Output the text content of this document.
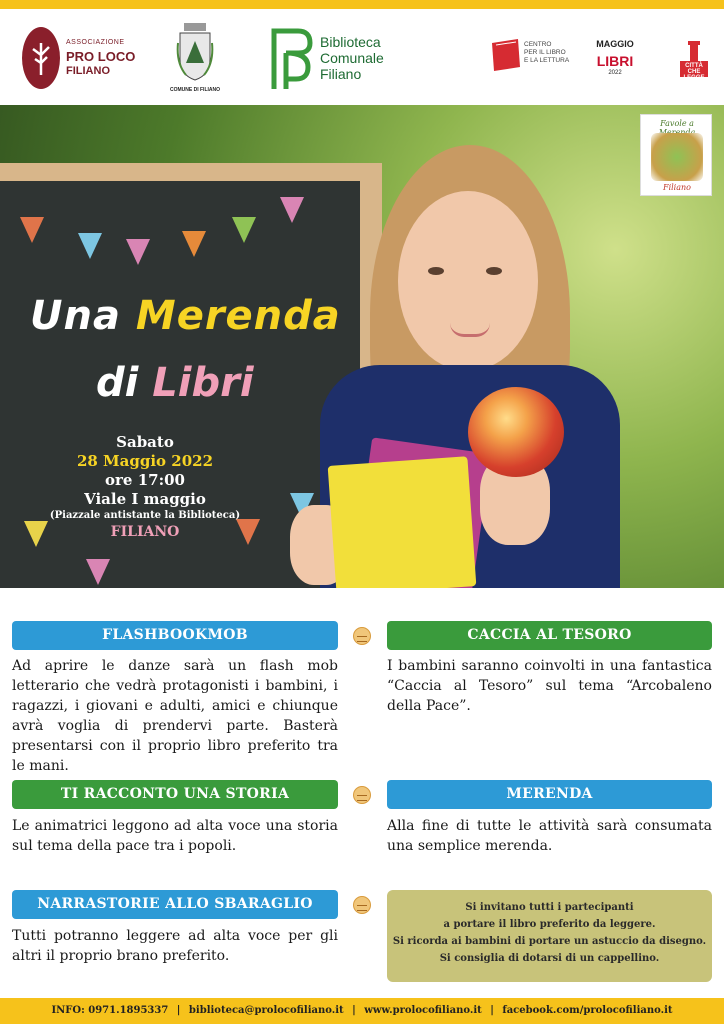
ASSOCIAZIONE
PRO LOCO
FILIANO
COMUNE DI FILIANO
Biblioteca
Comunale
Filiano
CENTRO
PER IL LIBRO
E LA LETTURA
MAGGIO
LIBRI
2022
CITTÀ CHE LEGGE
Favole a
Filiano
Una Merenda
di Libri
Sabato
28 Maggio 2022
ore 17:00
Viale I maggio
(Piazzale antistante la Biblioteca)
FILIANO
FLASHBOOKMOB
Ad aprire le danze sarà un flash mob letterario che vedrà protagonisti i bambini, i ragazzi, i giovani e adulti, amici e chiunque avrà voglia di prendervi parte. Basterà presentarsi con il proprio libro preferito tra le mani.
CACCIA AL TESORO
I bambini saranno coinvolti in una fantastica “Caccia al Tesoro” sul tema “Arcobaleno della Pace”.
TI RACCONTO UNA STORIA
Le animatrici leggono ad alta voce una storia sul tema della pace tra i popoli.
MERENDA
Alla fine di tutte le attività sarà consumata una semplice merenda.
NARRASTORIE ALLO SBARAGLIO
Tutti potranno leggere ad alta voce per gli altri il proprio brano preferito.
Si invitano tutti i partecipanti
a portare il libro preferito da leggere.
Si ricorda ai bambini di portare un astuccio da disegno.
Si consiglia di dotarsi di un cappellino.
INFO: 0971.1895337 | biblioteca@prolocofiliano.it | www.prolocofiliano.it | facebook.com/prolocofiliano.it
